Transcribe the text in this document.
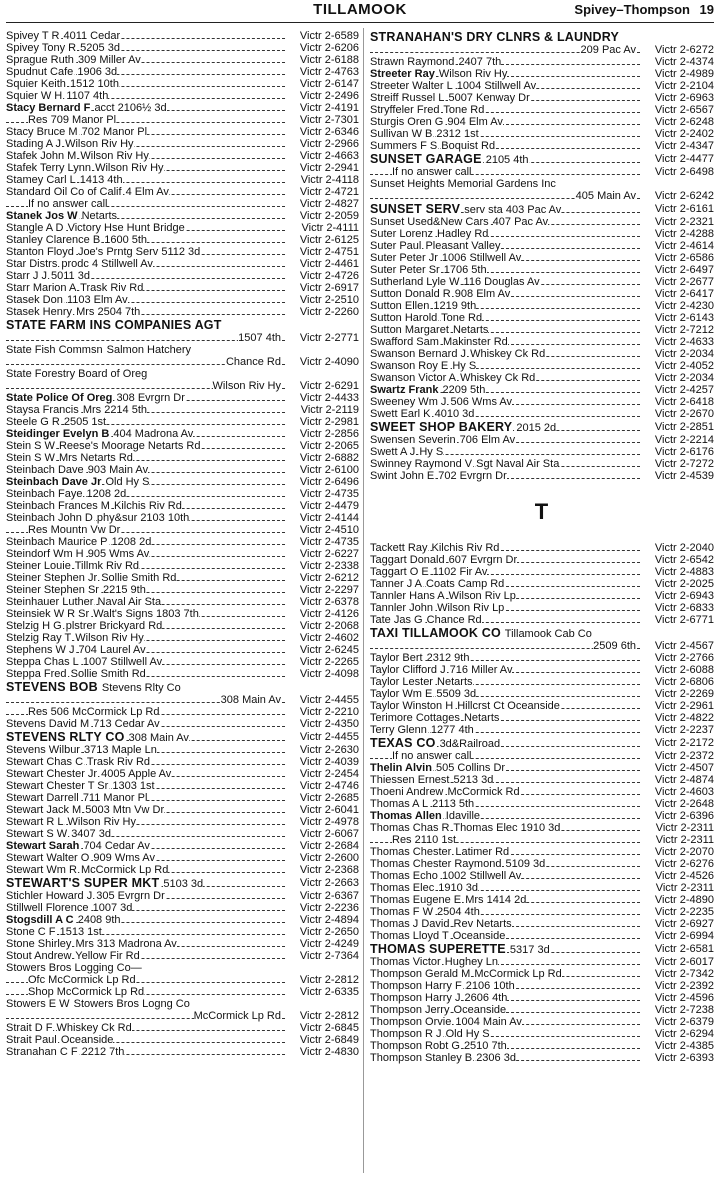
TILLAMOOK	Spivey–Thompson 19
Spivey T R 4011 Cedar	Victr 2-6589
Spivey Tony R 5205 3d	Victr 2-6206
Sprague Ruth 309 Miller Av	Victr 2-6188
Spudnut Cafe 1906 3d	Victr 2-4763
Squier Keith 1512 10th	Victr 2-6147
Squier W H 1107 4th	Victr 2-2496
Stacy Bernard F acct 2106½ 3d	Victr 2-4191
Res 709 Manor Pl	Victr 2-7301
Stacy Bruce M 702 Manor Pl	Victr 2-6346
Stading A J Wilson Riv Hy	Victr 2-2966
Stafek John M Wilson Riv Hy	Victr 2-4663
Stafek Terry Lynn Wilson Riv Hy	Victr 2-2941
Stamey Carl L 1413 4th	Victr 2-4118
Standard Oil Co of Calif 4 Elm Av	Victr 2-4721
If no answer call	Victr 2-4827
Stanek Jos W Netarts	Victr 2-2059
Stangle A D Victory Hse Hunt Bridge	Victr 2-4111
Stanley Clarence B 1600 5th	Victr 2-6125
Stanton Floyd Joe's Prntg Serv 5112 3d	Victr 2-4751
Star Distrs prodc 4 Stillwell Av	Victr 2-4461
Starr J J 5011 3d	Victr 2-4726
Starr Marion A Trask Riv Rd	Victr 2-6917
Stasek Don 1103 Elm Av	Victr 2-2510
Stasek Henry Mrs 2504 7th	Victr 2-2260
STATE FARM INS COMPANIES AGT
1507 4th Victr 2-2771
State Fish Commsn Salmon Hatchery
Chance Rd Victr 2-4090
State Forestry Board of Oreg
Wilson Riv Hy Victr 2-6291
State Police Of Oreg 308 Evrgrn Dr	Victr 2-4433
Staysa Francis Mrs 2214 5th	Victr 2-2119
Steele G R 2505 1st	Victr 2-2981
Steidinger Evelyn B 404 Madrona Av	Victr 2-2856
Stein S W Reese's Moorage Netarts Rd	Victr 2-2065
Stein S W Mrs Netarts Rd	Victr 2-6882
Steinbach Dave 903 Main Av	Victr 2-6100
Steinbach Dave Jr Old Hy S	Victr 2-6496
Steinbach Faye 1208 2d	Victr 2-4735
Steinbach Frances M Kilchis Riv Rd	Victr 2-4479
Steinbach John D phy&sur 2103 10th	Victr 2-4144
Res Mountn Vw Dr	Victr 2-4510
Steinbach Maurice P 1208 2d	Victr 2-4735
Steindorf Wm H 905 Wms Av	Victr 2-6227
Steiner Louie Tillmk Riv Rd	Victr 2-2338
Steiner Stephen Jr Sollie Smith Rd	Victr 2-6212
Steiner Stephen Sr 2215 9th	Victr 2-2297
Steinhauer Luther Naval Air Sta	Victr 2-6378
Steinsiek W R Sr Walt's Signs 1803 7th	Victr 2-4126
Stelzig H G plstrer Brickyard Rd	Victr 2-2068
Stelzig Ray T Wilson Riv Hy	Victr 2-4602
Stephens W J 704 Laurel Av	Victr 2-6245
Steppa Chas L 1007 Stillwell Av	Victr 2-2265
Steppa Fred Sollie Smith Rd	Victr 2-4098
STEVENS BOB Stevens Rlty Co
308 Main Av Victr 2-4455
Res 506 McCormick Lp Rd	Victr 2-2210
Stevens David M 713 Cedar Av	Victr 2-4350
STEVENS RLTY CO 308 Main Av	Victr 2-4455
Stevens Wilbur 3713 Maple Ln	Victr 2-2630
Stewart Chas C Trask Riv Rd	Victr 2-4039
Stewart Chester Jr 4005 Apple Av	Victr 2-2454
Stewart Chester T Sr 1303 1st	Victr 2-4746
Stewart Darrell 711 Manor Pl	Victr 2-2685
Stewart Jack M 5003 Mtn Vw Dr	Victr 2-6041
Stewart R L Wilson Riv Hy	Victr 2-4978
Stewart S W 3407 3d	Victr 2-6067
Stewart Sarah 704 Cedar Av	Victr 2-2684
Stewart Walter O 909 Wms Av	Victr 2-2600
Stewart Wm R McCormick Lp Rd	Victr 2-2368
STEWART'S SUPER MKT 5103 3d	Victr 2-2663
Stichler Howard J 305 Evrgrn Dr	Victr 2-6367
Stillwell Florence 1007 3d	Victr 2-2236
Stogsdill A C 2408 9th	Victr 2-4894
Stone C F 1513 1st	Victr 2-2650
Stone Shirley Mrs 313 Madrona Av	Victr 2-4249
Stout Andrew Yellow Fir Rd	Victr 2-7364
Stowers Bros Logging Co—
Ofc McCormick Lp Rd	Victr 2-2812
Shop McCormick Lp Rd	Victr 2-6335
Stowers E W Stowers Bros Logng Co
McCormick Lp Rd Victr 2-2812
Strait D F Whiskey Ck Rd	Victr 2-6845
Strait Paul Oceanside	Victr 2-6849
Stranahan C F 2212 7th	Victr 2-4830
STRANAHAN'S DRY CLNRS & LAUNDRY
209 Pac Av Victr 2-6272
Strawn Raymond 2407 7th	Victr 2-4374
Streeter Ray Wilson Riv Hy	Victr 2-4989
Streeter Walter L 1004 Stillwell Av	Victr 2-2104
Streiff Russel L 5007 Kenway Dr	Victr 2-6963
Stryffeler Fred Tone Rd	Victr 2-6567
Sturgis Oren G 904 Elm Av	Victr 2-6248
Sullivan W B 2312 1st	Victr 2-2402
Summers F S Boquist Rd	Victr 2-4347
SUNSET GARAGE 2105 4th	Victr 2-4477
If no answer call	Victr 2-6498
Sunset Heights Memorial Gardens Inc
405 Main Av Victr 2-6242
SUNSET SERV serv sta 403 Pac Av	Victr 2-6161
Sunset Used&New Cars 407 Pac Av	Victr 2-2321
Suter Lorenz Hadley Rd	Victr 2-4288
Suter Paul Pleasant Valley	Victr 2-4614
Suter Peter Jr 1006 Stillwell Av	Victr 2-6586
Suter Peter Sr 1706 5th	Victr 2-6497
Sutherland Lyle W 116 Douglas Av	Victr 2-2677
Sutton Donald R 908 Elm Av	Victr 2-6417
Sutton Ellen 1219 9th	Victr 2-4230
Sutton Harold Tone Rd	Victr 2-6143
Sutton Margaret Netarts	Victr 2-7212
Swafford Sam Makinster Rd	Victr 2-4633
Swanson Bernard J Whiskey Ck Rd	Victr 2-2034
Swanson Roy E Hy S	Victr 2-4052
Swanson Victor A Whiskey Ck Rd	Victr 2-2034
Swartz Frank 2209 5th	Victr 2-4257
Sweeney Wm J 506 Wms Av	Victr 2-6418
Swett Earl K 4010 3d	Victr 2-2670
SWEET SHOP BAKERY 2015 2d	Victr 2-2851
Swensen Severin 706 Elm Av	Victr 2-2214
Swett A J Hy S	Victr 2-6176
Swinney Raymond V Sgt Naval Air Sta	Victr 2-7272
Swint John E 702 Evrgrn Dr	Victr 2-4539
T
Tackett Ray Kilchis Riv Rd	Victr 2-2040
Taggart Donald 607 Evrgrn Dr	Victr 2-6542
Taggart O E 1102 Fir Av	Victr 2-4883
Tanner J A Coats Camp Rd	Victr 2-2025
Tannler Hans A Wilson Riv Lp	Victr 2-6943
Tannler John Wilson Riv Lp	Victr 2-6833
Tate Jas G Chance Rd	Victr 2-6771
TAXI TILLAMOOK CO Tillamook Cab Co
2509 6th Victr 2-4567
Taylor Bert 2312 9th	Victr 2-2766
Taylor Clifford J 716 Miller Av	Victr 2-6088
Taylor Lester Netarts	Victr 2-6806
Taylor Wm E 5509 3d	Victr 2-2269
Taylor Winston H Hillcrst Ct Oceanside	Victr 2-2961
Terimore Cottages Netarts	Victr 2-4822
Terry Glenn 1277 4th	Victr 2-2237
TEXAS CO 3d&Railroad	Victr 2-2172
If no answer call	Victr 2-2372
Thelin Alvin 505 Collins Dr	Victr 2-4507
Thiessen Ernest 5213 3d	Victr 2-4874
Thoeni Andrew McCormick Rd	Victr 2-4603
Thomas A L 2113 5th	Victr 2-2648
Thomas Allen Idaville	Victr 2-6396
Thomas Chas R Thomas Elec 1910 3d	Victr 2-2311
Res 2110 1st	Victr 2-2311
Thomas Chester Latimer Rd	Victr 2-2070
Thomas Chester Raymond 5109 3d	Victr 2-6276
Thomas Echo 1002 Stillwell Av	Victr 2-4526
Thomas Elec 1910 3d	Victr 2-2311
Thomas Eugene E Mrs 1414 2d	Victr 2-4890
Thomas F W 2504 4th	Victr 2-2235
Thomas J David Rev Netarts	Victr 2-6927
Thomas Lloyd T Oceanside	Victr 2-6994
THOMAS SUPERETTE 5317 3d	Victr 2-6581
Thomas Victor Hughey Ln	Victr 2-6017
Thompson Gerald M McCormick Lp Rd	Victr 2-7342
Thompson Harry F 2106 10th	Victr 2-2392
Thompson Harry J 2606 4th	Victr 2-4596
Thompson Jerry Oceanside	Victr 2-7238
Thompson Orvie 1004 Main Av	Victr 2-6379
Thompson R J Old Hy S	Victr 2-6294
Thompson Robt G 2510 7th	Victr 2-4385
Thompson Stanley B 2306 3d	Victr 2-6393
